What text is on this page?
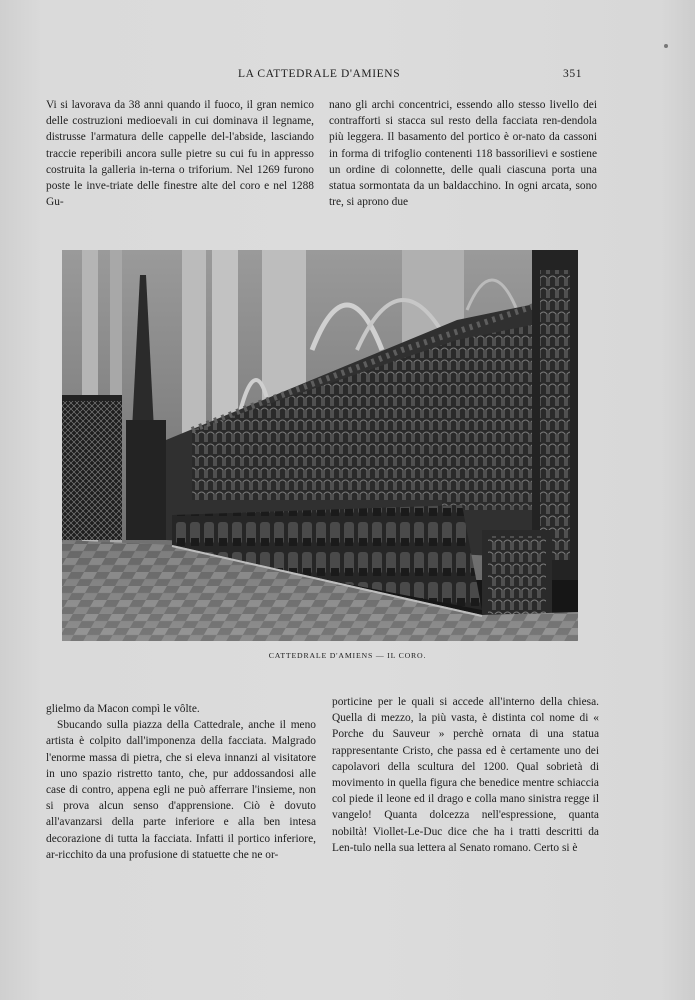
LA CATTEDRALE D'AMIENS	351

Vi si lavorava da 38 anni quando il fuoco, il gran nemico delle costruzioni medioevali in cui dominava il legname, distrusse l'armatura delle cappelle del-l'abside, lasciando traccie reperibili ancora sulle pietre su cui fu in appresso costruita la galleria in-terna o triforium. Nel 1269 furono poste le inve-triate delle finestre alte del coro e nel 1288 Gu-

nano gli archi concentrici, essendo allo stesso livello dei contrafforti si stacca sul resto della facciata ren-dendola più leggera. Il basamento del portico è or-nato da cassoni in forma di trifoglio contenenti 118 bassorilievi e sostiene un ordine di colonnette, delle quali ciascuna porta una statua sormontata da un baldacchino. In ogni arcata, sono tre, si aprono due

CATTEDRALE D'AMIENS — IL CORO.

glielmo da Macon compì le vôlte.

Sbucando sulla piazza della Cattedrale, anche il meno artista è colpito dall'imponenza della facciata. Malgrado l'enorme massa di pietra, che si eleva innanzi al visitatore in uno spazio ristretto tanto, che, pur addossandosi alle case di contro, appena egli ne può afferrare l'insieme, non si prova alcun senso d'apprensione. Ciò è dovuto all'avanzarsi della parte inferiore e alla ben intesa decorazione di tutta la facciata. Infatti il portico inferiore, ar-ricchito da una profusione di statuette che ne or-

porticine per le quali si accede all'interno della chiesa. Quella di mezzo, la più vasta, è distinta col nome di « Porche du Sauveur » perchè ornata di una statua rappresentante Cristo, che passa ed è certamente uno dei capolavori della scultura del 1200. Qual sobrietà di movimento in quella figura che benedice mentre schiaccia col piede il leone ed il drago e colla mano sinistra regge il vangelo! Quanta dolcezza nell'espressione, quanta nobiltà! Viollet-Le-Duc dice che ha i tratti descritti da Len-tulo nella sua lettera al Senato romano. Certo si è
